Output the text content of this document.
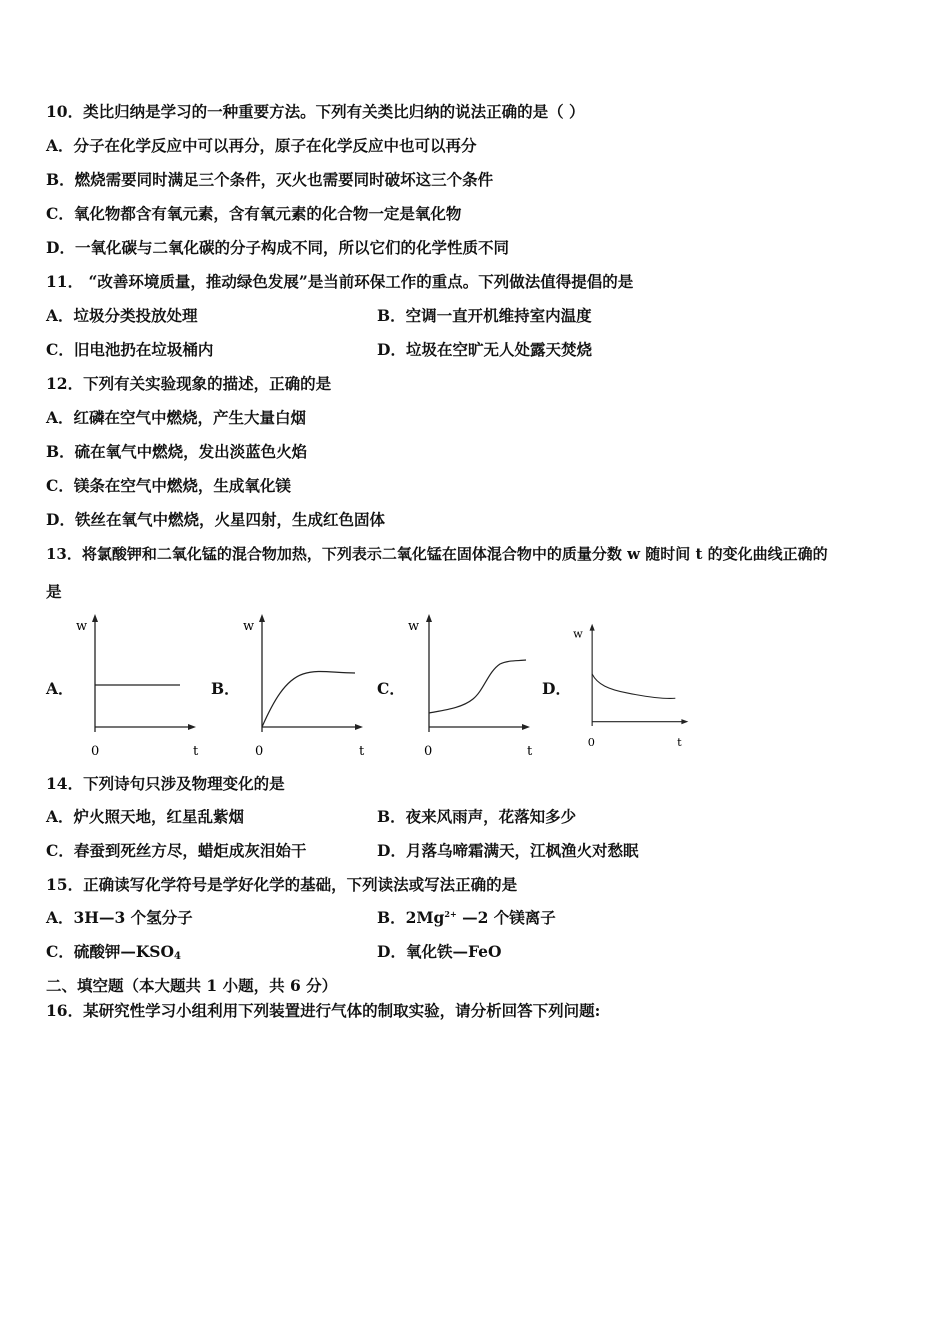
10．类比归纳是学习的一种重要方法。下列有关类比归纳的说法正确的是（ ）
A．分子在化学反应中可以再分，原子在化学反应中也可以再分
B．燃烧需要同时满足三个条件，灭火也需要同时破坏这三个条件
C．氧化物都含有氧元素，含有氧元素的化合物一定是氧化物
D．一氧化碳与二氧化碳的分子构成不同，所以它们的化学性质不同
11． “改善环境质量，推动绿色发展”是当前环保工作的重点。下列做法值得提倡的是
A．垃圾分类投放处理	B．空调一直开机维持室内温度
C．旧电池扔在垃圾桶内	D．垃圾在空旷无人处露天焚烧
12．下列有关实验现象的描述，正确的是
A．红磷在空气中燃烧，产生大量白烟
B．硫在氧气中燃烧，发出淡蓝色火焰
C．镁条在空气中燃烧，生成氧化镁
D．铁丝在氧气中燃烧，火星四射，生成红色固体
13．将氯酸钾和二氧化锰的混合物加热，下列表示二氧化锰在固体混合物中的质量分数 w 随时间 t 的变化曲线正确的
是
A．
w
0	t
B．
w
0	t
C．
w
0	t
D．
w
0	t
14．下列诗句只涉及物理变化的是
A．炉火照天地，红星乱紫烟	B．夜来风雨声，花落知多少
C．春蚕到死丝方尽，蜡炬成灰泪始干	D．月落乌啼霜满天，江枫渔火对愁眠
15．正确读写化学符号是学好化学的基础，下列读法或写法正确的是
A．3H—3 个氢分子	B．$2Mg^{2+}$ —2 个镁离子
C．硫酸钾$—KSO_4$	D．氧化铁—FeO
二、填空题（本大题共 1 小题，共 6 分）
16．某研究性学习小组利用下列装置进行气体的制取实验，请分析回答下列问题:
